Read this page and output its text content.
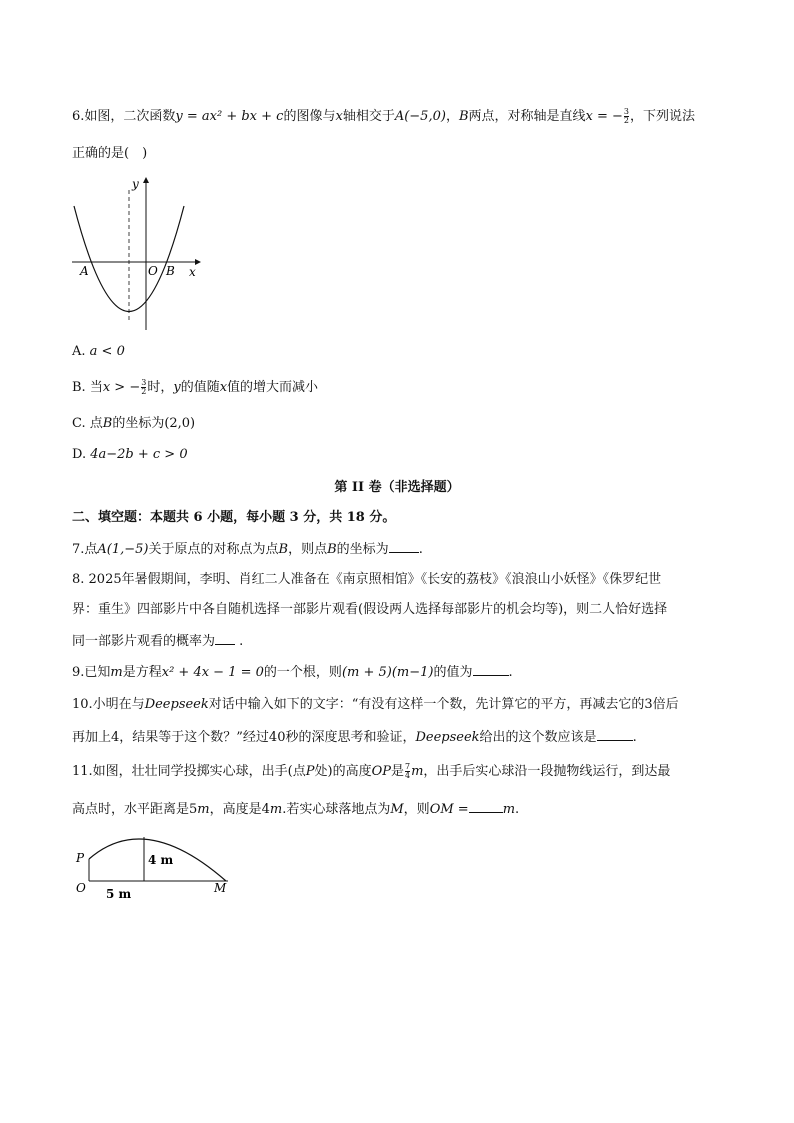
6.如图，二次函数y = ax² + bx + c的图像与x轴相交于A(−5,0)，B两点，对称轴是直线x = − $\frac{3}{2}$ ，下列说法
正确的是(　)
y
x
A	O B
A. a < 0
B. 当x > − $\frac{3}{2}$ 时，y的值随x值的增大而减小
C. 点B的坐标为(2,0)
D. 4a−2b + c > 0
第 II 卷（非选择题）
二、填空题：本题共 6 小题，每小题 3 分，共 18 分。
7.点A(1,−5)关于原点的对称点为点B，则点B的坐标为 .
8. 2025年暑假期间，李明、肖红二人准备在《南京照相馆》《长安的荔枝》《浪浪山小妖怪》《侏罗纪世
界：重生》四部影片中各自随机选择一部影片观看(假设两人选择每部影片的机会均等)，则二人恰好选择
同一部影片观看的概率为 .
9.已知m是方程x² + 4x − 1 = 0的一个根，则(m + 5)(m−1)的值为	.
10.小明在与Deepseek对话中输入如下的文字：“有没有这样一个数，先计算它的平方，再减去它的3倍后
再加上4，结果等于这个数？”经过40秒的深度思考和验证，Deepseek给出的这个数应该是	.
11.如图，壮壮同学投掷实心球，出手(点P处)的高度OP是 $\frac{7}{4}$ m，出手后实心球沿一段抛物线运行，到达最
高点时，水平距离是5m，高度是4m.若实心球落地点为M，则OM =	m.
P
O	M
4 m
5 m
